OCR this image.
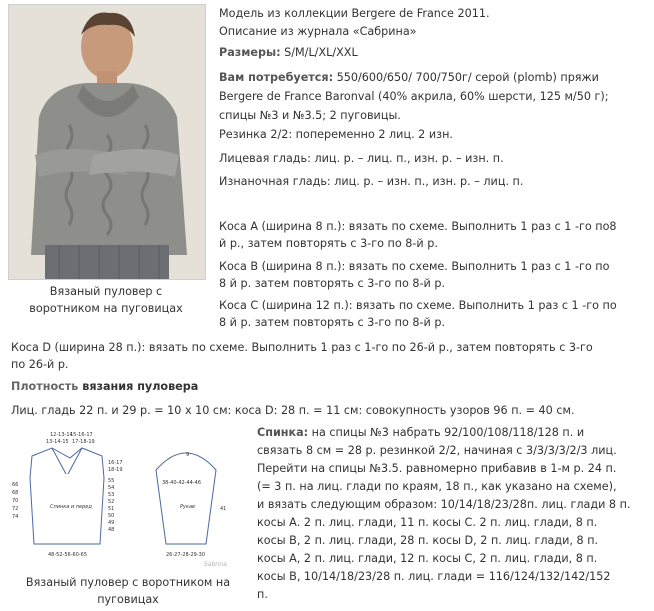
Вязаный пуловер с
воротником на пуговицах
Модель из коллекции Bergere de France 2011.
Описание из журнала «Сабрина»
Размеры: S/M/L/XL/XXL
Вам потребуется: 550/600/650/ 700/750г/ серой (plomb) пряжи
Bergere de France Baronval (40% акрила, 60% шерсти, 125 м/50 г);
спицы №3 и №3.5; 2 пуговицы.
Резинка 2/2: попеременно 2 лиц. 2 изн.
Лицевая гладь: лиц. р. – лиц. п., изн. р. – изн. п.
Изнаночная гладь: лиц. р. – изн. п., изн. р. – лиц. п.
Коса А (ширина 8 п.): вязать по схеме. Выполнить 1 раз с 1 -го по8
й р., затем повторять с 3-го по 8-й р.
Коса В (ширина 8 п.): вязать по схеме. Выполнить 1 раз с 1 -го по
8 й р. затем повторять с 3-го по 8-й р.
Коса С (ширина 12 п.): вязать по схеме. Выполнить 1 раз с 1 -го по
8 й р. затем повторять с 3-го по 8-й р.
Коса D (ширина 28 п.): вязать по схеме. Выполнить 1 раз с 1-го по 26-й р., затем повторять с 3-го
по 26-й р.
Плотность вязания пуловера
Лиц. гладь 22 п. и 29 р. = 10 х 10 см: коса D: 28 п. = 11 см: совокупность узоров 96 п. = 40 см.
12-13-14
15-16-17
13-14-15 17-18-19
9
Спинка и перед	Рукав
66
68
70
72
74
16-17
18-19
55
54
53
52
51
50
49
48
38-40-42-44-46
41
48-52-56-60-65	26-27-28-29-30
Sabrina
Вязаный пуловер с воротником на
пуговицах
Спинка: на спицы №3 набрать 92/100/108/118/128 п. и
связать 8 см = 28 р. резинкой 2/2, начиная с 3/3/3/3/2/3 лиц.
Перейти на спицы №3.5. равномерно прибавив в 1-м р. 24 п.
(= 3 п. на лиц. глади по краям, 18 п., как указано на схеме),
и вязать следующим образом: 10/14/18/23/28п. лиц. глади 8 п.
косы А. 2 п. лиц. глади, 11 п. косы С. 2 п. лиц. глади, 8 п.
косы В, 2 п. лиц. глади, 28 п. косы D, 2 п. лиц. глади, 8 п.
косы А, 2 п. лиц. глади, 12 п. косы С, 2 п. лиц. глади, 8 п.
косы В, 10/14/18/23/28 п. лиц. глади = 116/124/132/142/152
п.
